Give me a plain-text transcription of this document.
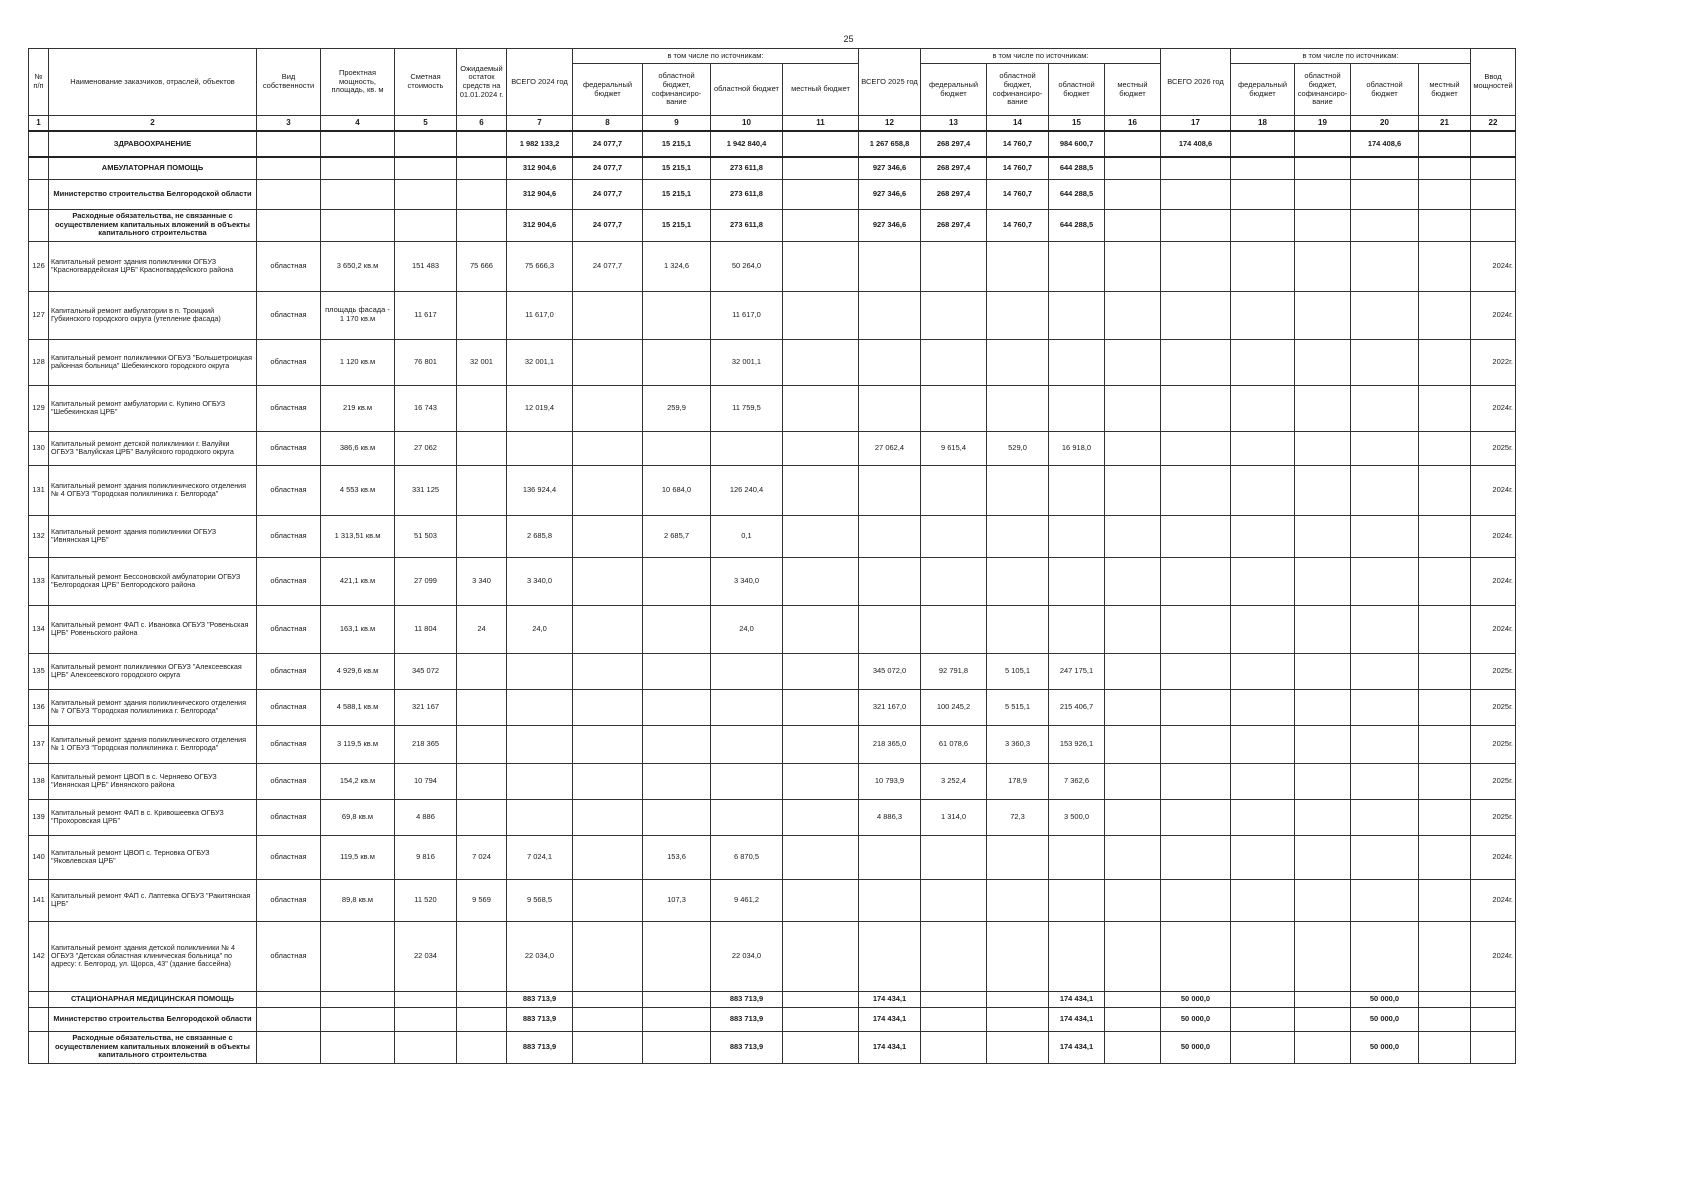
25
№ п/п	Наименование заказчиков, отраслей, объектов	Вид собственности	Проектная мощность, площадь, кв. м	Сметная стоимость	Ожидаемый остаток средств на 01.01.2024 г.	ВСЕГО 2024 год	в том числе по источникам:				ВСЕГО 2025 год	в том числе по источникам:				ВСЕГО 2026 год	в том числе по источникам:				Ввод мощностей
							федеральный бюджет	областной бюджет, софинансиро-вание	областной бюджет	местный бюджет		федеральный бюджет	областной бюджет, софинансиро-вание	областной бюджет	местный бюджет		федеральный бюджет	областной бюджет, софинансиро-вание	областной бюджет	местный бюджет	
1	2	3	4	5	6	7	8	9	10	11	12	13	14	15	16	17	18	19	20	21	22
	ЗДРАВООХРАНЕНИЕ					1 982 133,2	24 077,7	15 215,1	1 942 840,4		1 267 658,8	268 297,4	14 760,7	984 600,7		174 408,6			174 408,6		
	АМБУЛАТОРНАЯ ПОМОЩЬ					312 904,6	24 077,7	15 215,1	273 611,8		927 346,6	268 297,4	14 760,7	644 288,5							
	Министерство строительства Белгородской области					312 904,6	24 077,7	15 215,1	273 611,8		927 346,6	268 297,4	14 760,7	644 288,5							
	Расходные обязательства, не связанные с осуществлением капитальных вложений в объекты капитального строительства					312 904,6	24 077,7	15 215,1	273 611,8		927 346,6	268 297,4	14 760,7	644 288,5							
126	Капитальный ремонт здания поликлиники ОГБУЗ "Красногвардейская ЦРБ" Красногвардейского района	областная	3 650,2 кв.м	151 483	75 666	75 666,3	24 077,7	1 324,6	50 264,0												2024г.
127	Капитальный ремонт амбулатории в п. Троицкий Губкинского городского округа (утепление фасада)	областная	площадь фасада - 1 170 кв.м	11 617		11 617,0			11 617,0												2024г.
128	Капитальный ремонт поликлиники ОГБУЗ "Большетроицкая районная больница" Шебекинского городского округа	областная	1 120 кв.м	76 801	32 001	32 001,1			32 001,1												2022г.
129	Капитальный ремонт амбулатории с. Купино ОГБУЗ "Шебекинская ЦРБ"	областная	219 кв.м	16 743		12 019,4		259,9	11 759,5												2024г.
130	Капитальный ремонт детской поликлиники г. Валуйки ОГБУЗ "Валуйская ЦРБ" Валуйского городского округа	областная	386,6 кв.м	27 062							27 062,4	9 615,4	529,0	16 918,0							2025г.
131	Капитальный ремонт здания поликлинического отделения № 4 ОГБУЗ "Городская поликлиника г. Белгорода"	областная	4 553 кв.м	331 125		136 924,4		10 684,0	126 240,4												2024г.
132	Капитальный ремонт здания поликлиники ОГБУЗ "Ивнянская ЦРБ"	областная	1 313,51 кв.м	51 503		2 685,8		2 685,7	0,1												2024г.
133	Капитальный ремонт Бессоновской амбулатории ОГБУЗ "Белгородская ЦРБ" Белгородского района	областная	421,1 кв.м	27 099	3 340	3 340,0			3 340,0												2024г.
134	Капитальный ремонт ФАП с. Ивановка ОГБУЗ "Ровеньская ЦРБ" Ровеньского района	областная	163,1 кв.м	11 804	24	24,0			24,0												2024г.
135	Капитальный ремонт поликлиники ОГБУЗ "Алексеевская ЦРБ" Алексеевского городского округа	областная	4 929,6 кв.м	345 072							345 072,0	92 791,8	5 105,1	247 175,1							2025г.
136	Капитальный ремонт здания поликлинического отделения № 7 ОГБУЗ "Городская поликлиника г. Белгорода"	областная	4 588,1 кв.м	321 167							321 167,0	100 245,2	5 515,1	215 406,7							2025г.
137	Капитальный ремонт здания поликлинического отделения № 1 ОГБУЗ "Городская поликлиника г. Белгорода"	областная	3 119,5 кв.м	218 365							218 365,0	61 078,6	3 360,3	153 926,1							2025г.
138	Капитальный ремонт ЦВОП в с. Черняево ОГБУЗ "Ивнянская ЦРБ" Ивнянского района	областная	154,2 кв.м	10 794							10 793,9	3 252,4	178,9	7 362,6							2025г.
139	Капитальный ремонт ФАП в с. Кривошеевка ОГБУЗ "Прохоровская ЦРБ"	областная	69,8 кв.м	4 886							4 886,3	1 314,0	72,3	3 500,0							2025г.
140	Капитальный ремонт ЦВОП с. Терновка ОГБУЗ "Яковлевская ЦРБ"	областная	119,5 кв.м	9 816	7 024	7 024,1		153,6	6 870,5												2024г.
141	Капитальный ремонт ФАП с. Лаптевка ОГБУЗ "Ракитянская ЦРБ"	областная	89,8 кв.м	11 520	9 569	9 568,5		107,3	9 461,2												2024г.
142	Капитальный ремонт здания детской поликлиники № 4 ОГБУЗ "Детская областная клиническая больница" по адресу: г. Белгород, ул. Щорса, 43" (здание бассейна)	областная		22 034		22 034,0			22 034,0												2024г.
	СТАЦИОНАРНАЯ МЕДИЦИНСКАЯ ПОМОЩЬ					883 713,9			883 713,9		174 434,1			174 434,1		50 000,0			50 000,0		
	Министерство строительства Белгородской области					883 713,9			883 713,9		174 434,1			174 434,1		50 000,0			50 000,0		
	Расходные обязательства, не связанные с осуществлением капитальных вложений в объекты капитального строительства					883 713,9			883 713,9		174 434,1			174 434,1		50 000,0			50 000,0		
